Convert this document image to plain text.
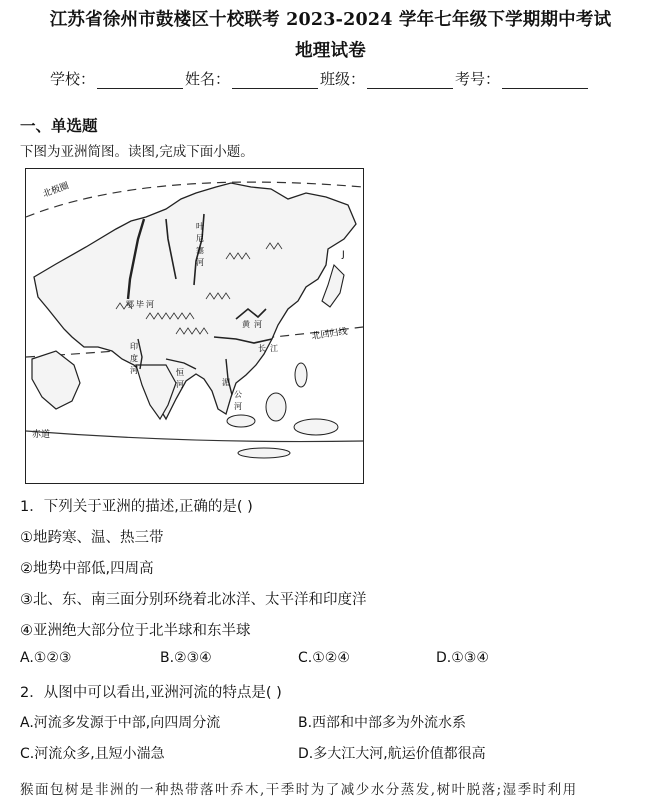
江苏省徐州市鼓楼区十校联考 2023-2024 学年七年级下学期期中考试
地理试卷
学校：	姓名：	班级：	考号：
一、单选题
下图为亚洲简图。读图,完成下面小题。
北极圈
北回归线
赤道
叶
尼
塞
河
鄂 毕 河
黄 河
长 江
恒
河
印
度
河
湄
公
河
J
1．下列关于亚洲的描述,正确的是( )
①地跨寒、温、热三带
②地势中部低,四周高
③北、东、南三面分别环绕着北冰洋、太平洋和印度洋
④亚洲绝大部分位于北半球和东半球
A.①②③	B.②③④	C.①②④	D.①③④
2．从图中可以看出,亚洲河流的特点是( )
A.河流多发源于中部,向四周分流	B.西部和中部多为外流水系
C.河流众多,且短小湍急	D.多大江大河,航运价值都很高
猴面包树是非洲的一种热带落叶乔木,干季时为了减少水分蒸发,树叶脱落;湿季时利用
